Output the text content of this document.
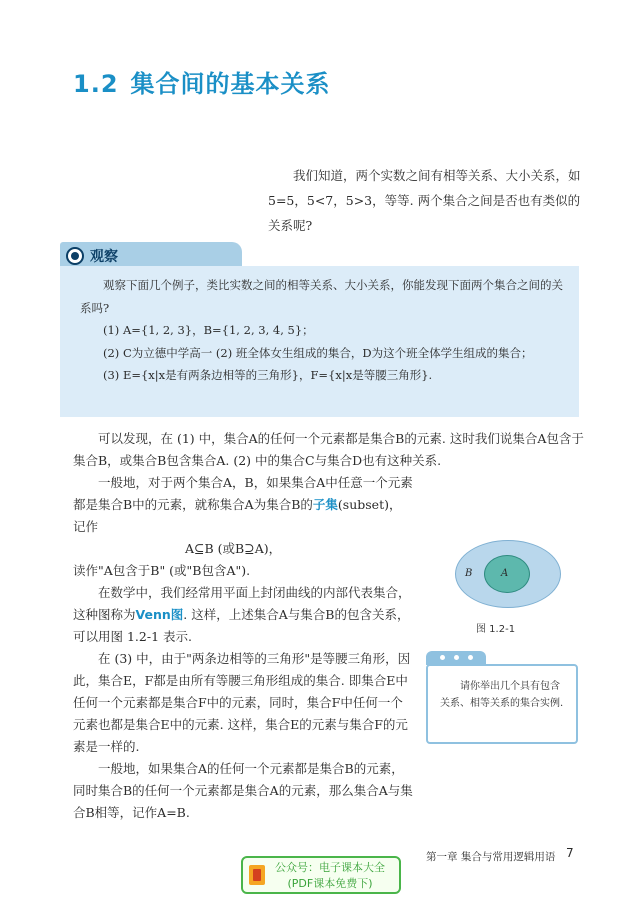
1.2 集合间的基本关系
我们知道，两个实数之间有相等关系、大小关系，如 5=5，5<7，5>3，等等. 两个集合之间是否也有类似的关系呢?
观察

观察下面几个例子，类比实数之间的相等关系、大小关系，你能发现下面两个集合之间的关系吗?

(1) A={1, 2, 3}，B={1, 2, 3, 4, 5}；

(2) C为立德中学高一 (2) 班全体女生组成的集合，D为这个班全体学生组成的集合；

(3) E={x|x是有两条边相等的三角形}，F={x|x是等腰三角形}.

可以发现，在 (1) 中，集合A的任何一个元素都是集合B的元素. 这时我们说集合A包含于集合B，或集合B包含集合A. (2) 中的集合C与集合D也有这种关系.

一般地，对于两个集合A，B，如果集合A中任意一个元素都是集合B中的元素，就称集合A为集合B的子集(subset)，记作

A⊆B (或B⊇A)，

读作"A包含于B" (或"B包含A").

在数学中，我们经常用平面上封闭曲线的内部代表集合，这种图称为Venn图. 这样，上述集合A与集合B的包含关系，可以用图 1.2-1 表示.

在 (3) 中，由于"两条边相等的三角形"是等腰三角形，因此，集合E，F都是由所有等腰三角形组成的集合. 即集合E中任何一个元素都是集合F中的元素，同时，集合F中任何一个元素也都是集合E中的元素. 这样，集合E的元素与集合F的元素是一样的.

一般地，如果集合A的任何一个元素都是集合B的元素，同时集合B的任何一个元素都是集合A的元素，那么集合A与集合B相等，记作A=B.

B	A
图 1.2-1

请你举出几个具有包含关系、相等关系的集合实例.

第一章 集合与常用逻辑用语 7
公众号：电子课本大全
(PDF课本免费下)
